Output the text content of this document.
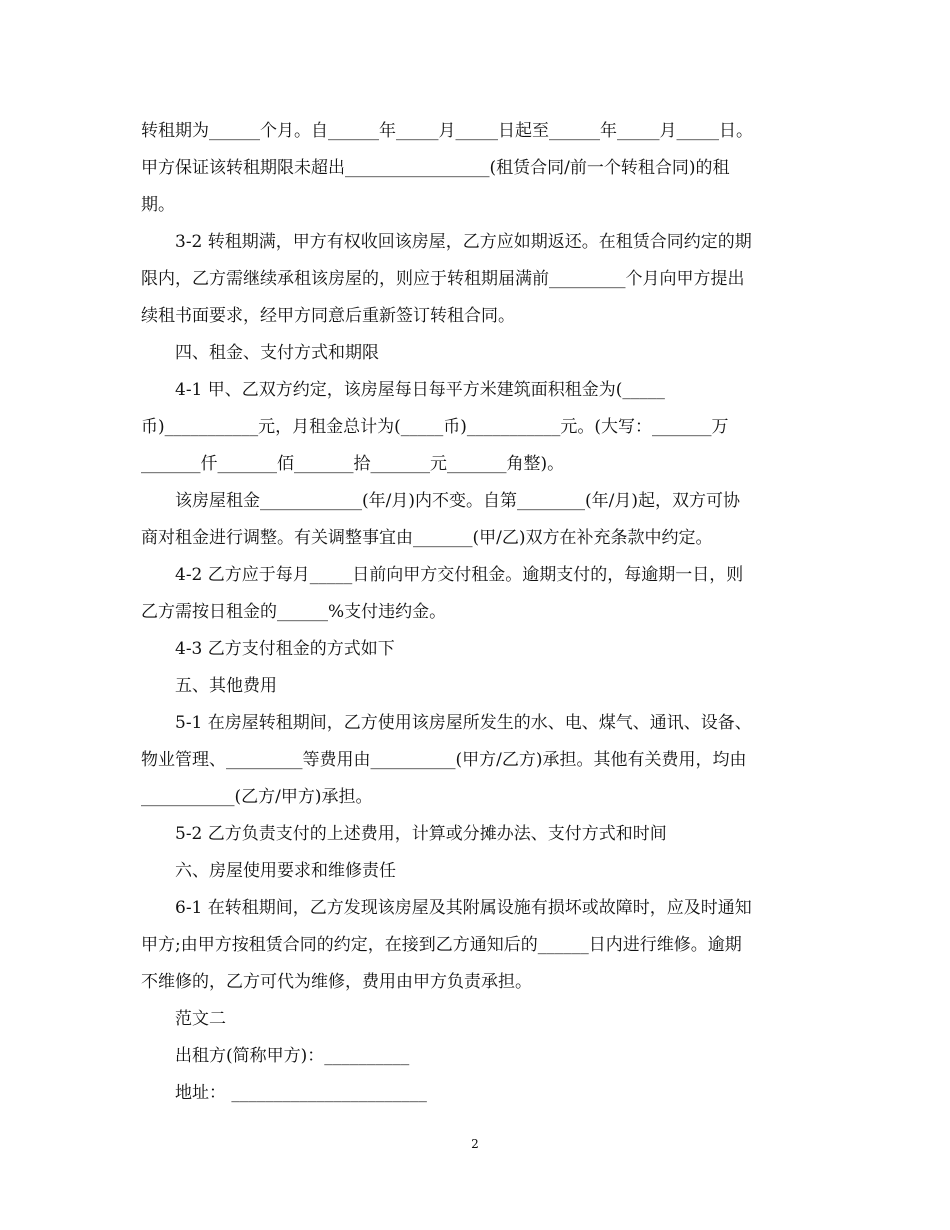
转租期为______个月。自______年_____月_____日起至______年_____月_____日。
甲方保证该转租期限未超出_________________(租赁合同/前一个转租合同)的租
期。
3-2 转租期满，甲方有权收回该房屋，乙方应如期返还。在租赁合同约定的期
限内，乙方需继续承租该房屋的，则应于转租期届满前_________个月向甲方提出
续租书面要求，经甲方同意后重新签订转租合同。
四、租金、支付方式和期限
4-1 甲、乙双方约定，该房屋每日每平方米建筑面积租金为(_____
币)___________元，月租金总计为(_____币)___________元。(大写：_______万
_______仟_______佰_______拾_______元_______角整)。
该房屋租金____________(年/月)内不变。自第________(年/月)起，双方可协
商对租金进行调整。有关调整事宜由_______(甲/乙)双方在补充条款中约定。
4-2 乙方应于每月_____日前向甲方交付租金。逾期支付的，每逾期一日，则
乙方需按日租金的______%支付违约金。
4-3 乙方支付租金的方式如下
五、其他费用
5-1 在房屋转租期间，乙方使用该房屋所发生的水、电、煤气、通讯、设备、
物业管理、_________等费用由__________(甲方/乙方)承担。其他有关费用，均由
___________(乙方/甲方)承担。
5-2 乙方负责支付的上述费用，计算或分摊办法、支付方式和时间
六、房屋使用要求和维修责任
6-1 在转租期间，乙方发现该房屋及其附属设施有损坏或故障时，应及时通知
甲方;由甲方按租赁合同的约定，在接到乙方通知后的______日内进行维修。逾期
不维修的，乙方可代为维修，费用由甲方负责承担。
范文二
出租方(简称甲方)：__________
地址： _______________________
2
